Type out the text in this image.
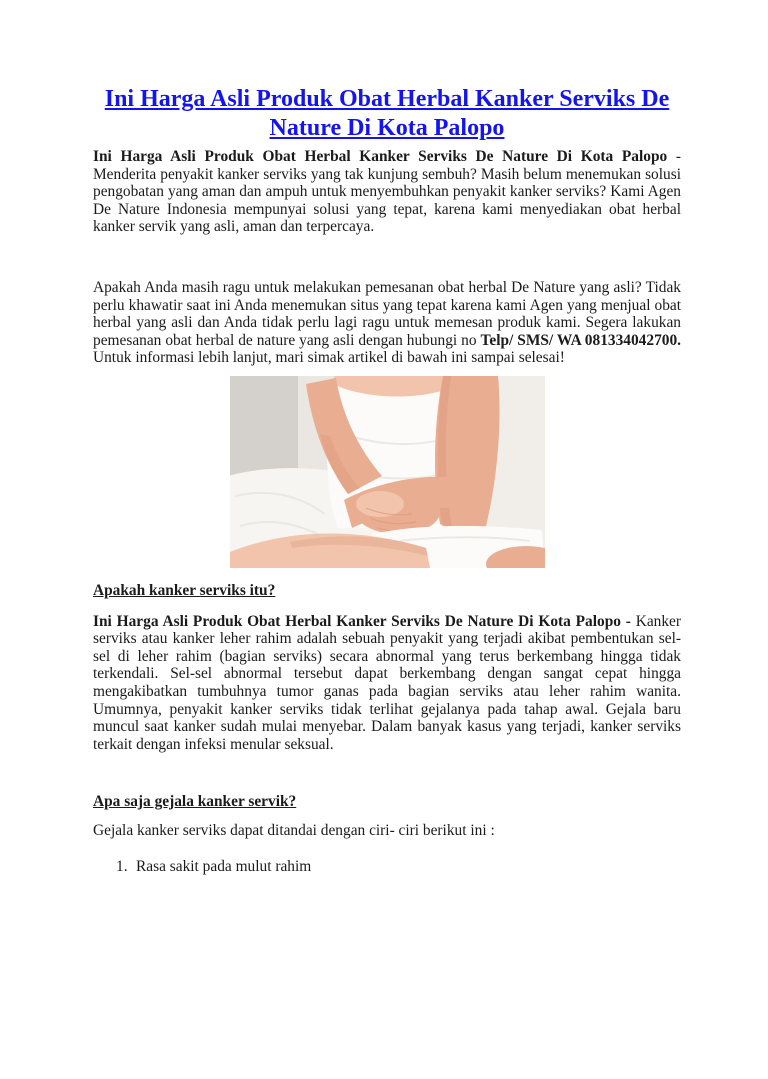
Ini Harga Asli Produk Obat Herbal Kanker Serviks De Nature Di Kota Palopo

Ini Harga Asli Produk Obat Herbal Kanker Serviks De Nature Di Kota Palopo - Menderita penyakit kanker serviks yang tak kunjung sembuh? Masih belum menemukan solusi pengobatan yang aman dan ampuh untuk menyembuhkan penyakit kanker serviks? Kami Agen De Nature Indonesia mempunyai solusi yang tepat, karena kami menyediakan obat herbal kanker servik yang asli, aman dan terpercaya.

Apakah Anda masih ragu untuk melakukan pemesanan obat herbal De Nature yang asli? Tidak perlu khawatir saat ini Anda menemukan situs yang tepat karena kami Agen yang menjual obat herbal yang asli dan Anda tidak perlu lagi ragu untuk memesan produk kami. Segera lakukan pemesanan obat herbal de nature yang asli dengan hubungi no Telp/ SMS/ WA 081334042700. Untuk informasi lebih lanjut, mari simak artikel di bawah ini sampai selesai!

Apakah kanker serviks itu?

Ini Harga Asli Produk Obat Herbal Kanker Serviks De Nature Di Kota Palopo - Kanker serviks atau kanker leher rahim adalah sebuah penyakit yang terjadi akibat pembentukan sel-sel di leher rahim (bagian serviks) secara abnormal yang terus berkembang hingga tidak terkendali. Sel-sel abnormal tersebut dapat berkembang dengan sangat cepat hingga mengakibatkan tumbuhnya tumor ganas pada bagian serviks atau leher rahim wanita. Umumnya, penyakit kanker serviks tidak terlihat gejalanya pada tahap awal. Gejala baru muncul saat kanker sudah mulai menyebar. Dalam banyak kasus yang terjadi, kanker serviks terkait dengan infeksi menular seksual.

Apa saja gejala kanker servik?

Gejala kanker serviks dapat ditandai dengan ciri- ciri berikut ini :

1. Rasa sakit pada mulut rahim
